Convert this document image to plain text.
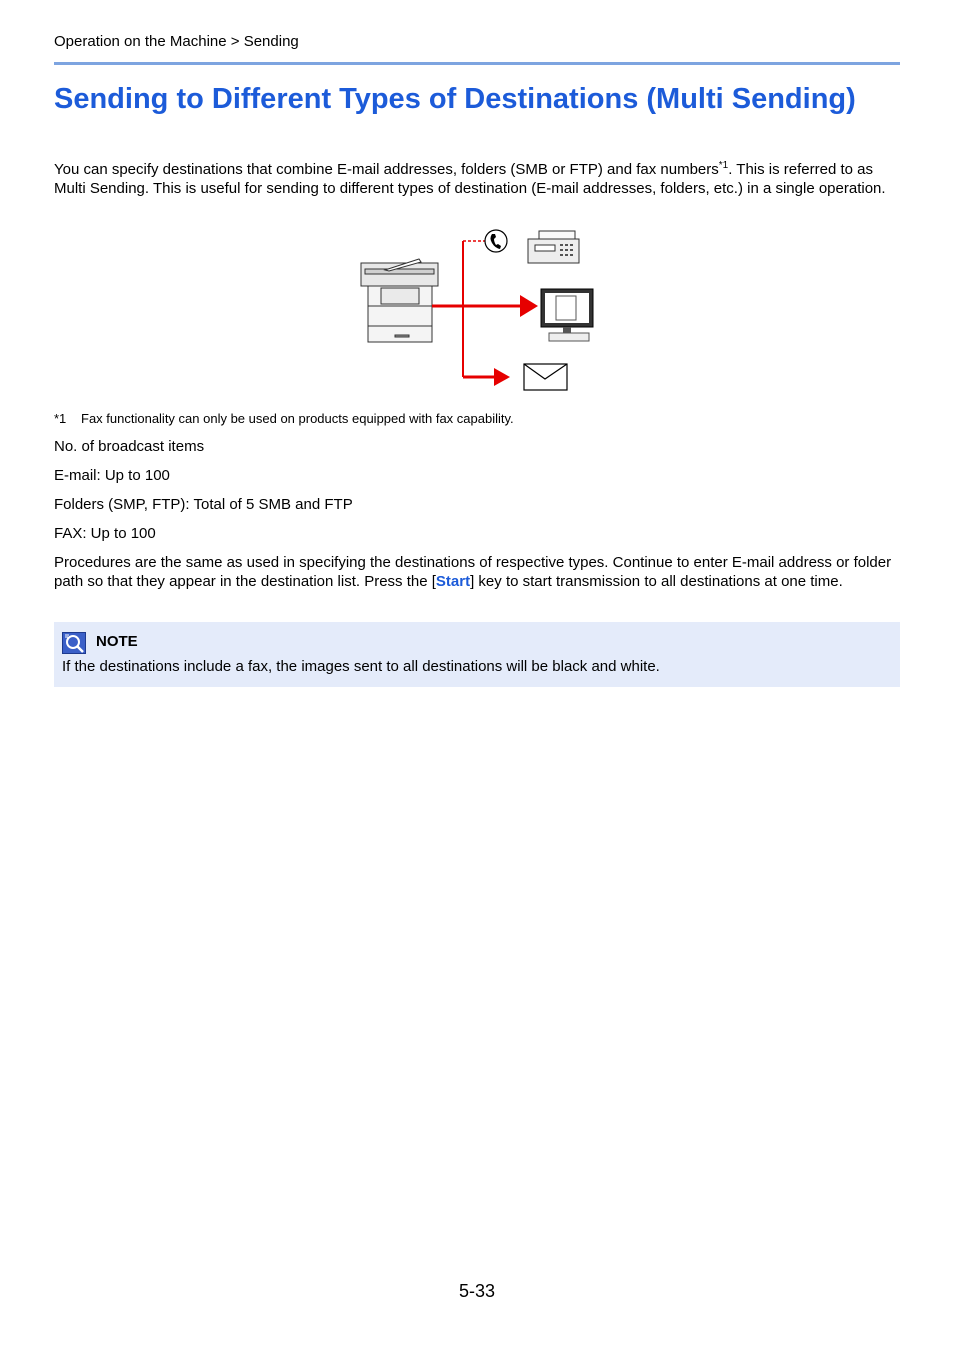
Operation on the Machine > Sending
Sending to Different Types of Destinations (Multi Sending)

You can specify destinations that combine E-mail addresses, folders (SMB or FTP) and fax numbers$^{*1}$. This is referred to as Multi Sending. This is useful for sending to different types of destination (E-mail addresses, folders, etc.) in a single operation.

*1 Fax functionality can only be used on products equipped with fax capability.

No. of broadcast items

E-mail: Up to 100

Folders (SMP, FTP): Total of 5 SMB and FTP

FAX: Up to 100

Procedures are the same as used in specifying the destinations of respective types. Continue to enter E-mail address or folder path so that they appear in the destination list. Press the [Start] key to start transmission to all destinations at one time.

NOTE
If the destinations include a fax, the images sent to all destinations will be black and white.
5-33
